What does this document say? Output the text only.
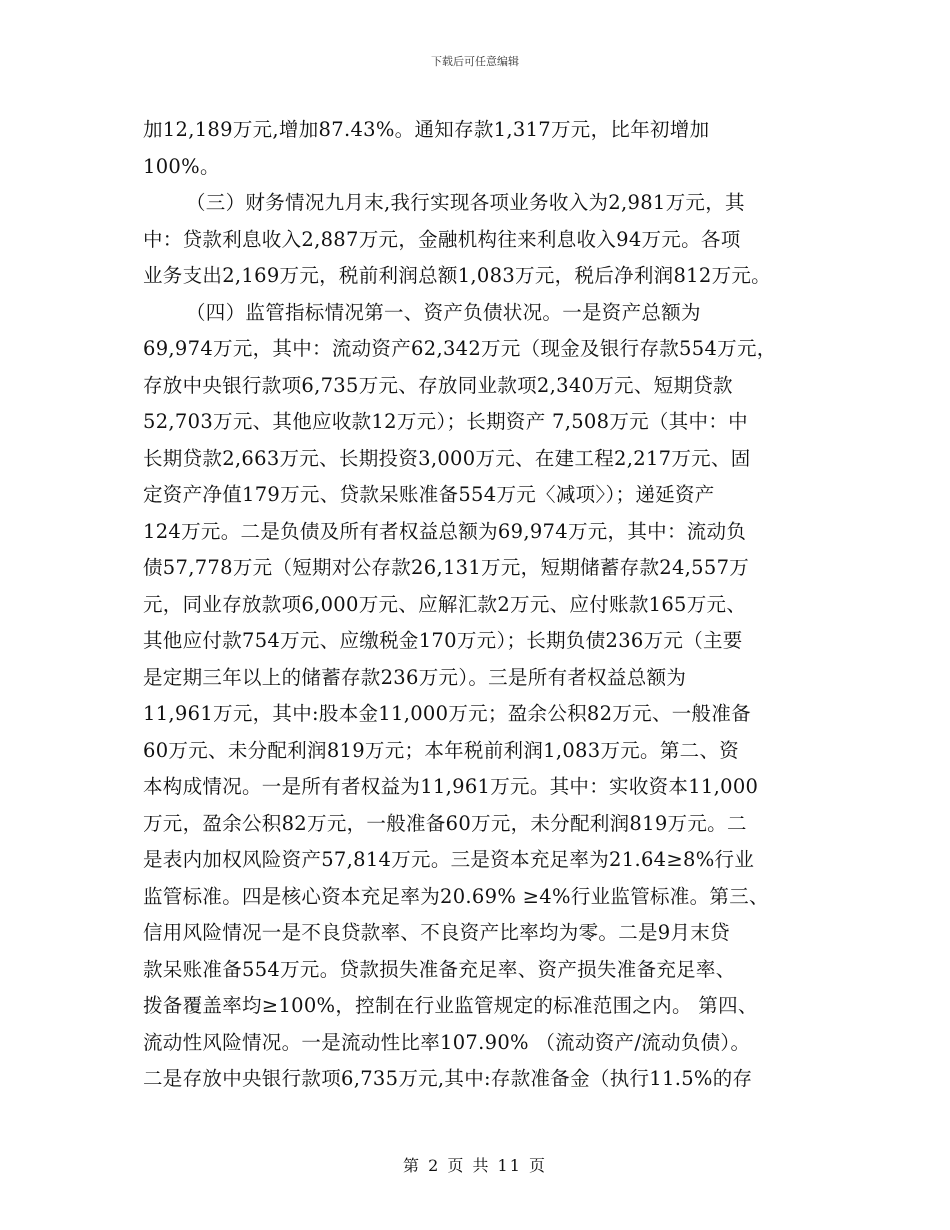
下载后可任意编辑
加12,189万元,增加87.43%。通知存款1,317万元，比年初增加
100%。
（三）财务情况九月末,我行实现各项业务收入为2,981万元，其
中：贷款利息收入2,887万元，金融机构往来利息收入94万元。各项
业务支出2,169万元，税前利润总额1,083万元，税后净利润812万元。
（四）监管指标情况第一、资产负债状况。一是资产总额为
69,974万元，其中：流动资产62,342万元（现金及银行存款554万元，
存放中央银行款项6,735万元、存放同业款项2,340万元、短期贷款
52,703万元、其他应收款12万元）；长期资产 7,508万元（其中：中
长期贷款2,663万元、长期投资3,000万元、在建工程2,217万元、固
定资产净值179万元、贷款呆账准备554万元〈减项〉）；递延资产
124万元。二是负债及所有者权益总额为69,974万元，其中：流动负
债57,778万元（短期对公存款26,131万元，短期储蓄存款24,557万
元，同业存放款项6,000万元、应解汇款2万元、应付账款165万元、
其他应付款754万元、应缴税金170万元）；长期负债236万元（主要
是定期三年以上的储蓄存款236万元）。三是所有者权益总额为
11,961万元，其中:股本金11,000万元；盈余公积82万元、一般准备
60万元、未分配利润819万元；本年税前利润1,083万元。第二、资
本构成情况。一是所有者权益为11,961万元。其中：实收资本11,000
万元，盈余公积82万元，一般准备60万元，未分配利润819万元。二
是表内加权风险资产57,814万元。三是资本充足率为21.64≥8%行业
监管标准。四是核心资本充足率为20.69% ≥4%行业监管标准。第三、
信用风险情况一是不良贷款率、不良资产比率均为零。二是9月末贷
款呆账准备554万元。贷款损失准备充足率、资产损失准备充足率、
拨备覆盖率均≥100%，控制在行业监管规定的标准范围之内。 第四、
流动性风险情况。一是流动性比率107.90% （流动资产/流动负债）。
二是存放中央银行款项6,735万元,其中:存款准备金（执行11.5%的存
第 2 页 共 11 页
